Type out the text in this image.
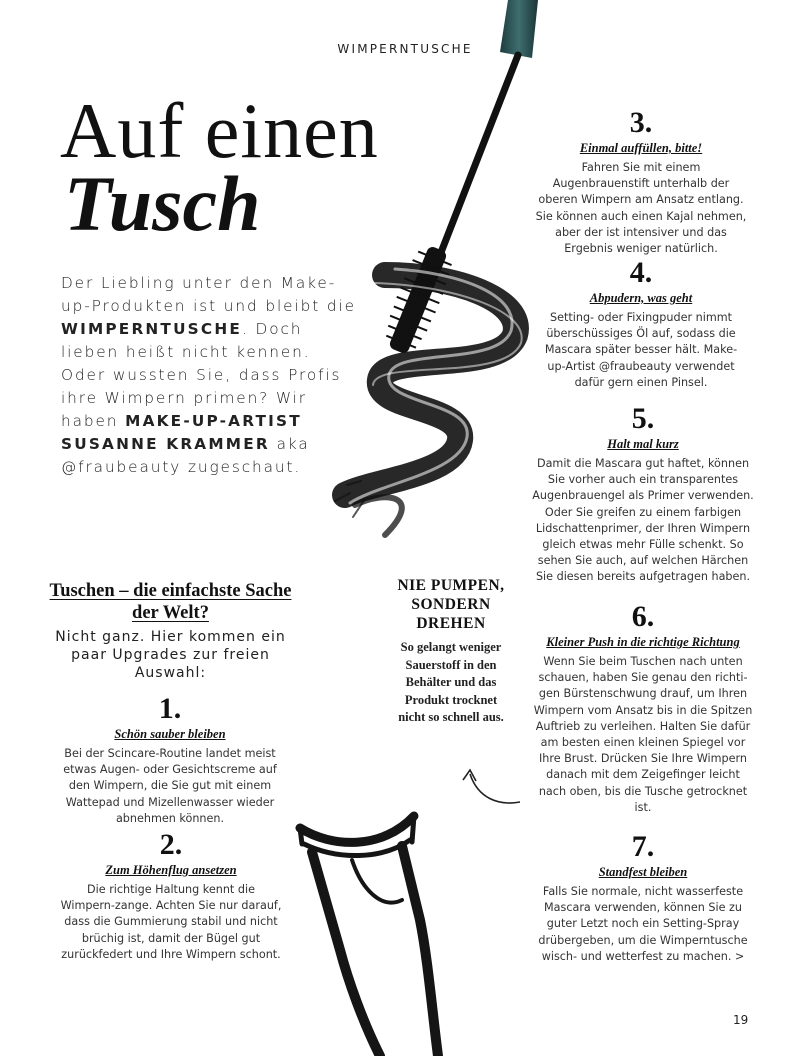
WIMPERNTUSCHE
Auf einen
Tusch
Der Liebling unter den Make-up-Produkten ist und bleibt die WIMPERNTUSCHE. Doch lieben heißt nicht kennen. Oder wussten Sie, dass Profis ihre Wimpern primen? Wir haben MAKE-UP-ARTIST SUSANNE KRAMMER aka @fraubeauty zugeschaut.
Tuschen – die einfachste Sache der Welt?
Nicht ganz. Hier kommen ein paar Upgrades zur freien Auswahl:
NIE PUMPEN, SONDERN DREHEN
So gelangt weniger Sauerstoff in den Behälter und das Produkt trocknet nicht so schnell aus.
1.
Schön sauber bleiben
Bei der Scincare-Routine landet meist etwas Augen- oder Gesichtscreme auf den Wimpern, die Sie gut mit einem Wattepad und Mizellenwasser wieder abnehmen können.
2.
Zum Höhenflug ansetzen
Die richtige Haltung kennt die Wimpern-zange. Achten Sie nur darauf, dass die Gummierung stabil und nicht brüchig ist, damit der Bügel gut zurückfedert und Ihre Wimpern schont.
3.
Einmal auffüllen, bitte!
Fahren Sie mit einem Augenbrauenstift unterhalb der oberen Wimpern am Ansatz entlang. Sie können auch einen Kajal nehmen, aber der ist intensiver und das Ergebnis weniger natürlich.
4.
Abpudern, was geht
Setting- oder Fixingpuder nimmt überschüssiges Öl auf, sodass die Mascara später besser hält. Make-up-Artist @fraubeauty verwendet dafür gern einen Pinsel.
5.
Halt mal kurz
Damit die Mascara gut haftet, können Sie vorher auch ein transparentes Augenbrauengel als Primer verwenden. Oder Sie greifen zu einem farbigen Lidschattenprimer, der Ihren Wimpern gleich etwas mehr Fülle schenkt. So sehen Sie auch, auf welchen Härchen Sie diesen bereits aufgetragen haben.
6.
Kleiner Push in die richtige Richtung
Wenn Sie beim Tuschen nach unten schauen, haben Sie genau den richti-gen Bürstenschwung drauf, um Ihren Wimpern vom Ansatz bis in die Spitzen Auftrieb zu verleihen. Halten Sie dafür am besten einen kleinen Spiegel vor Ihre Brust. Drücken Sie Ihre Wimpern danach mit dem Zeigefinger leicht nach oben, bis die Tusche getrocknet ist.
7.
Standfest bleiben
Falls Sie normale, nicht wasserfeste Mascara verwenden, können Sie zu guter Letzt noch ein Setting-Spray drübergeben, um die Wimperntusche wisch- und wetterfest zu machen. >
19
